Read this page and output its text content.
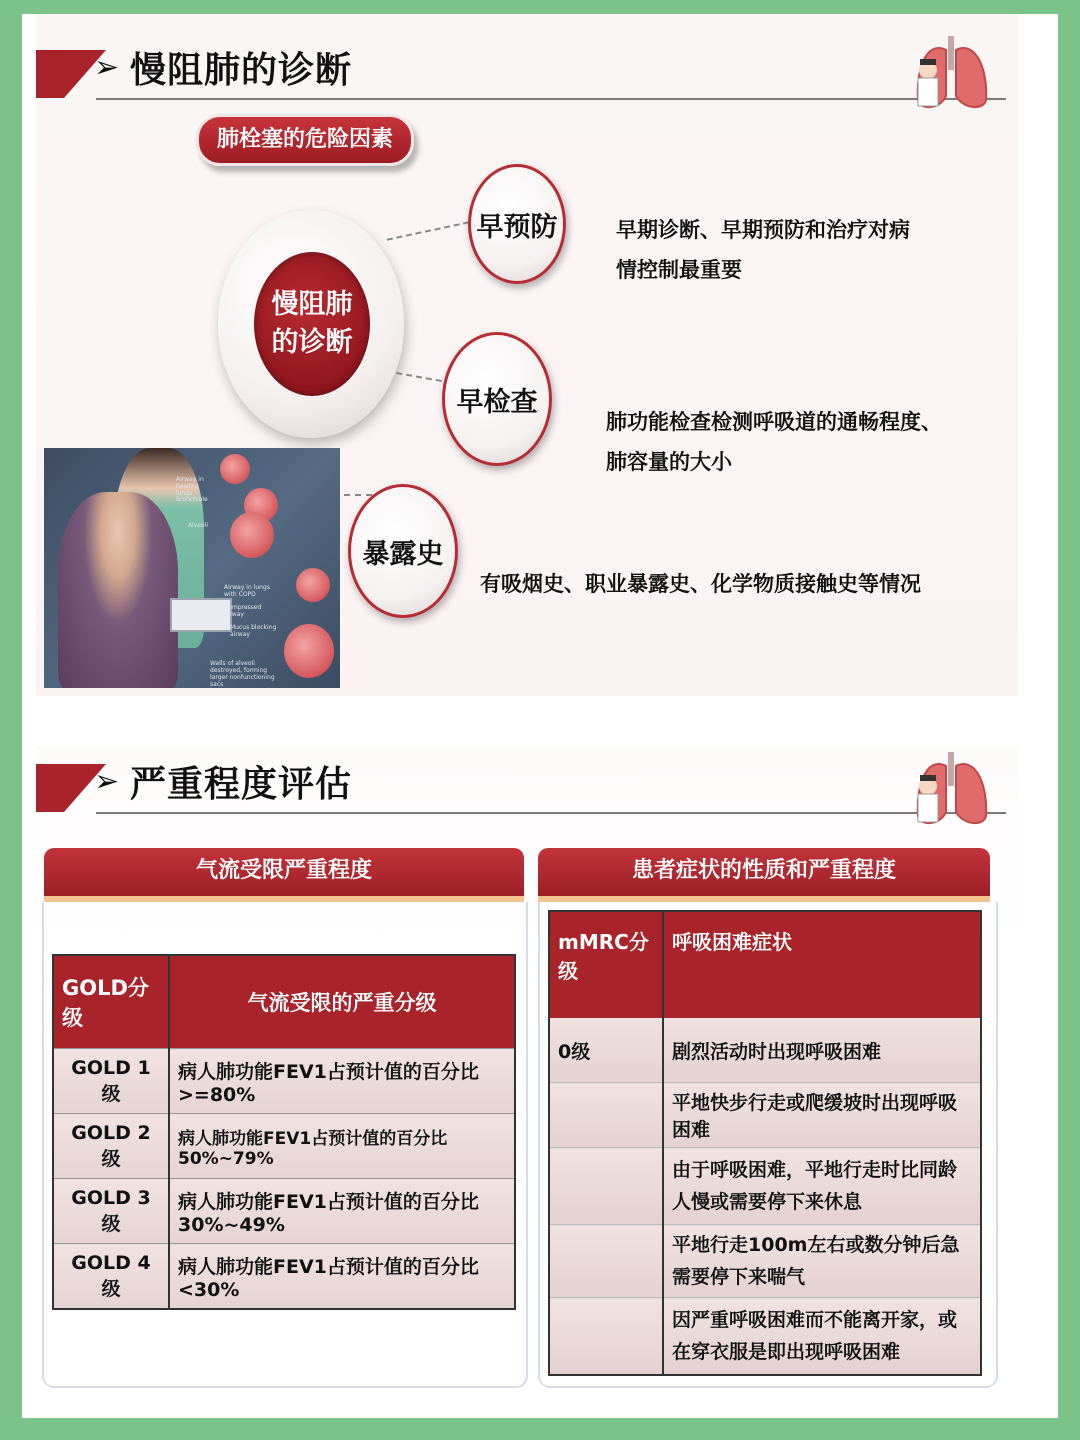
➢ 慢阻肺的诊断
肺栓塞的危险因素
慢阻肺的诊断
早预防
早检查
暴露史
早期诊断、早期预防和治疗对病情控制最重要
肺功能检查检测呼吸道的通畅程度、肺容量的大小
有吸烟史、职业暴露史、化学物质接触史等情况
Airway in healthy lungs
Bronchiole
Alveoli
Airway in lungs with COPD
Compressed airway
Mucus blocking airway
Walls of alveoli destroyed, forming larger nonfunctioning sacs
➢ 严重程度评估
气流受限严重程度
GOLD分级	气流受限的严重分级
GOLD 1级	病人肺功能FEV1占预计值的百分比>=80%
GOLD 2级	病人肺功能FEV1占预计值的百分比50%~79%
GOLD 3级	病人肺功能FEV1占预计值的百分比30%~49%
GOLD 4级	病人肺功能FEV1占预计值的百分比<30%
患者症状的性质和严重程度
mMRC分级	呼吸困难症状
0级	剧烈活动时出现呼吸困难
	平地快步行走或爬缓坡时出现呼吸困难
	由于呼吸困难，平地行走时比同龄人慢或需要停下来休息
	平地行走100m左右或数分钟后急需要停下来喘气
	因严重呼吸困难而不能离开家，或在穿衣服是即出现呼吸困难
